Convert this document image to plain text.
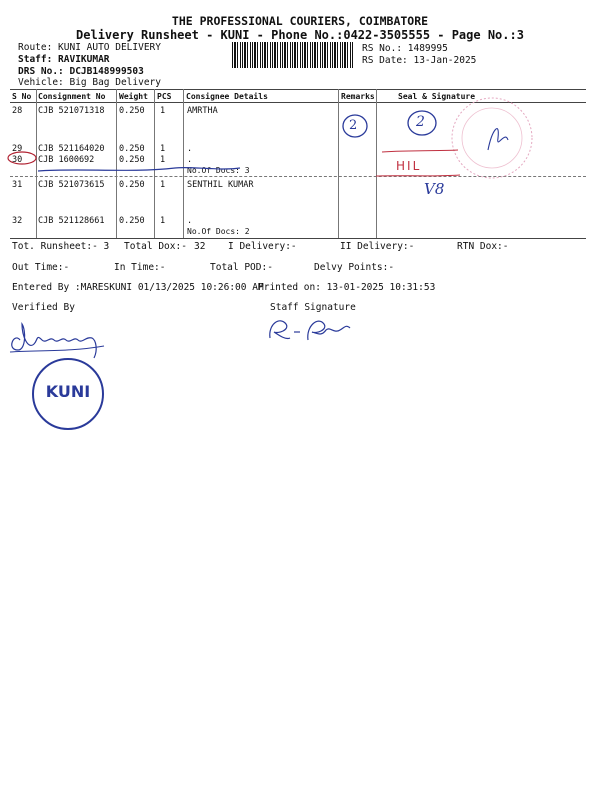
THE PROFESSIONAL COURIERS, COIMBATORE
Delivery Runsheet - KUNI - Phone No.:0422-3505555 - Page No.:3
Route: KUNI AUTO DELIVERY
Staff: RAVIKUMAR
DRS No.: DCJB148999503
Vehicle: Big Bag Delivery
RS No.: 1489995
RS Date: 13-Jan-2025
S No Consignment No Weight PCS Consignee Details	Remarks	Seal & Signature
28 CJB 521071318 0.250 1	AMRTHA
29 CJB 521164020 0.250 1	.
30 CJB 1600692	0.250 1	.
No.Of Docs: 3
31 CJB 521073615 0.250 1	SENTHIL KUMAR
32 CJB 521128661 0.250 1	.
No.Of Docs: 2
2	2
HIL
V8
Tot. Runsheet:- 3 Total Dox:- 32 I Delivery:-	II Delivery:-	RTN Dox:-
Out Time:-	In Time:-	Total POD:-	Delvy Points:-
Entered By :MARESKUNI 01/13/2025 10:26:00 AM
Printed on: 13-01-2025 10:31:53
Verified By	Staff Signature
KUNI
